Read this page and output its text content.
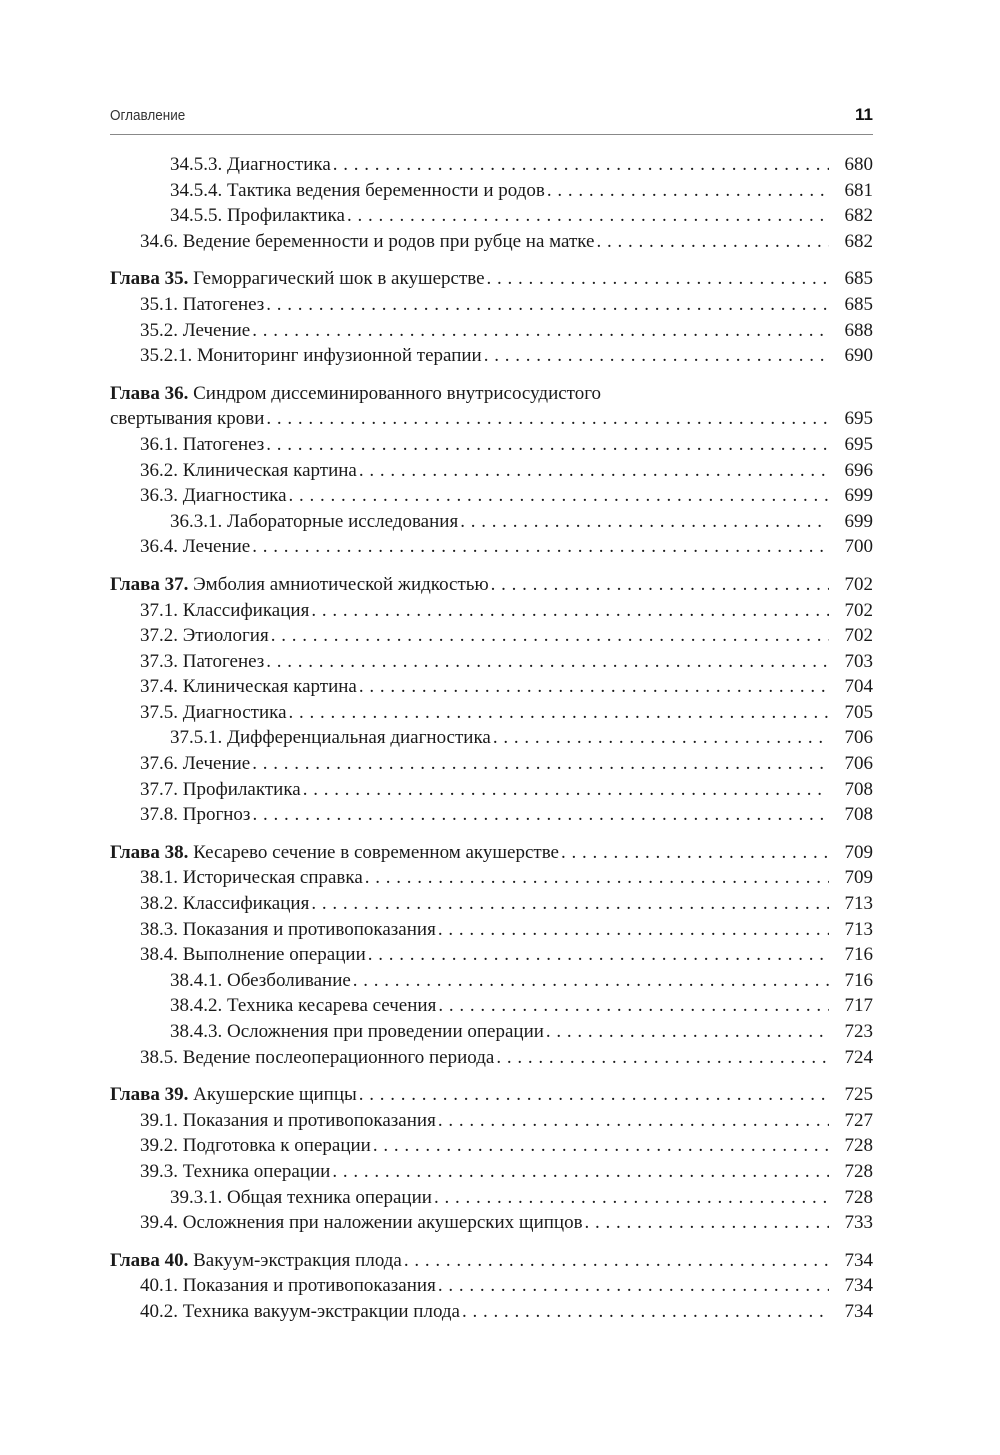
Оглавление	11
34.5.3. Диагностика . . .	680
34.5.4. Тактика ведения беременности и родов . . .	681
34.5.5. Профилактика . . .	682
34.6. Ведение беременности и родов при рубце на матке . . .	682
Глава 35. Геморрагический шок в акушерстве . . .	685
35.1. Патогенез . . .	685
35.2. Лечение . . .	688
35.2.1. Мониторинг инфузионной терапии . . .	690
Глава 36. Синдром диссеминированного внутрисосудистого
свертывания крови . . .	695
36.1. Патогенез . . .	695
36.2. Клиническая картина . . .	696
36.3. Диагностика . . .	699
36.3.1. Лабораторные исследования . . .	699
36.4. Лечение . . .	700
Глава 37. Эмболия амниотической жидкостью . . .	702
37.1. Классификация . . .	702
37.2. Этиология . . .	702
37.3. Патогенез . . .	703
37.4. Клиническая картина . . .	704
37.5. Диагностика . . .	705
37.5.1. Дифференциальная диагностика . . .	706
37.6. Лечение . . .	706
37.7. Профилактика . . .	708
37.8. Прогноз . . .	708
Глава 38. Кесарево сечение в современном акушерстве . . .	709
38.1. Историческая справка . . .	709
38.2. Классификация . . .	713
38.3. Показания и противопоказания . . .	713
38.4. Выполнение операции . . .	716
38.4.1. Обезболивание . . .	716
38.4.2. Техника кесарева сечения . . .	717
38.4.3. Осложнения при проведении операции . . .	723
38.5. Ведение послеоперационного периода . . .	724
Глава 39. Акушерские щипцы . . .	725
39.1. Показания и противопоказания . . .	727
39.2. Подготовка к операции . . .	728
39.3. Техника операции . . .	728
39.3.1. Общая техника операции . . .	728
39.4. Осложнения при наложении акушерских щипцов . . .	733
Глава 40. Вакуум-экстракция плода . . .	734
40.1. Показания и противопоказания . . .	734
40.2. Техника вакуум-экстракции плода . . .	734
